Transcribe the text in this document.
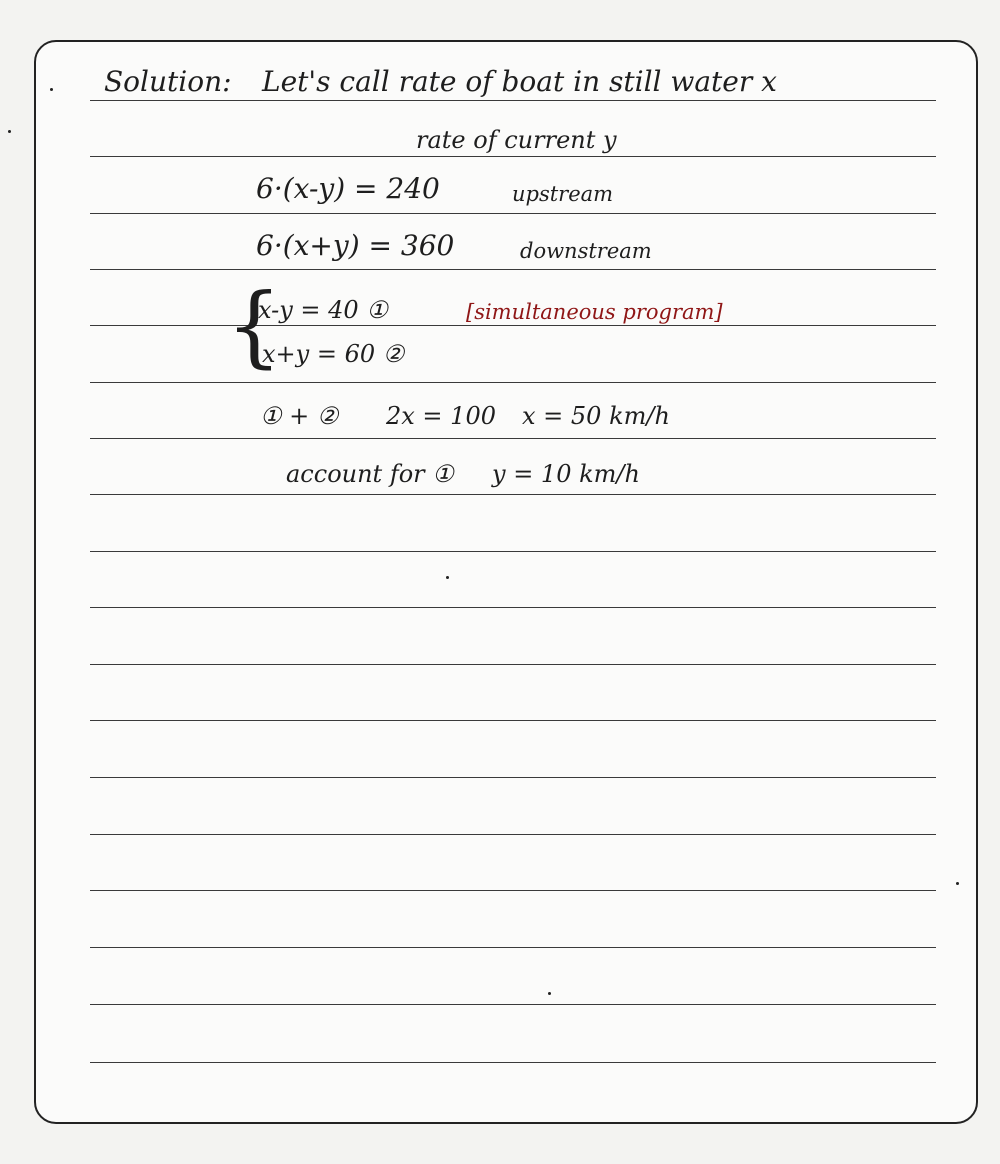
Solution: Let's call rate of boat in still water x
rate of current y
6·(x-y) = 240	upstream
6·(x+y) = 360	downstream
{
x-y = 40 ①	[simultaneous program]
x+y = 60 ②
① + ② 2x = 100 x = 50 km/h
account for ① y = 10 km/h
